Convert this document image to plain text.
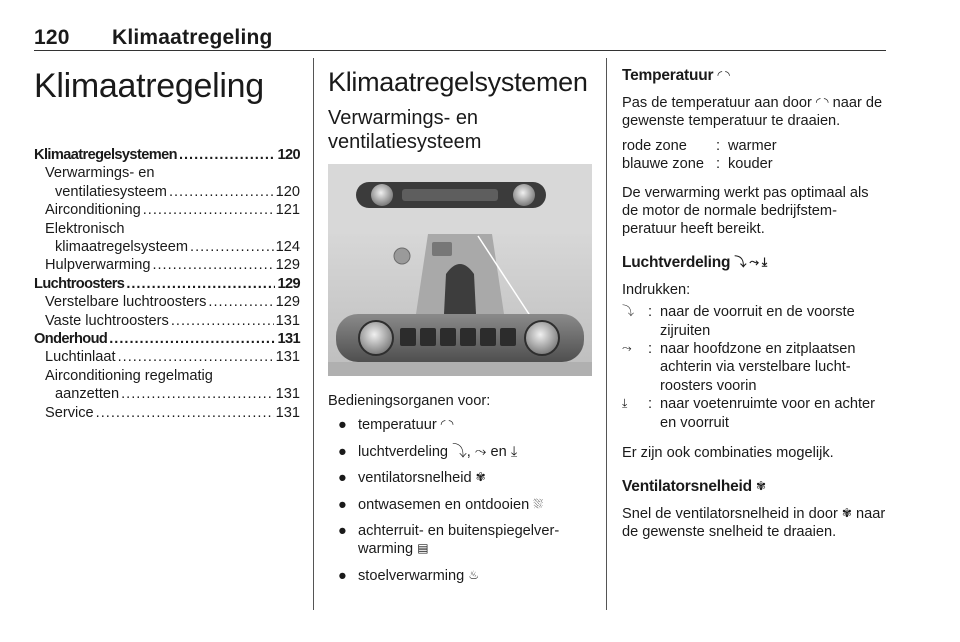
120 Klimaatregeling
Klimaatregeling
Klimaatregelsystemen .....	120
Verwarmings- en
ventilatiesysteem .....	120
Airconditioning .....	121
Elektronisch
klimaatregelsysteem .....	124
Hulpverwarming .....	129
Luchtroosters .....	129
Verstelbare luchtroosters .....	129
Vaste luchtroosters .....	131
Onderhoud .....	131
Luchtinlaat .....	131
Airconditioning regelmatig
aanzetten .....	131
Service .....	131
Klimaatregelsystemen
Verwarmings- en
ventilatiesysteem
Bedieningsorganen voor:
● temperatuur ◜ ◝
● luchtverdeling ⤵, ⤳ en ⤓
● ventilatorsnelheid ✾
● ontwasemen en ontdooien ⛆
● achterruit- en buitenspiegelver-warming ▤
● stoelverwarming ♨
Temperatuur ◜ ◝
Pas de temperatuur aan door ◜ ◝ naar de gewenste temperatuur te draaien.
rode zone	: warmer
blauwe zone : kouder
De verwarming werkt pas optimaal als de motor de normale bedrijfstem-peratuur heeft bereikt.
Luchtverdeling ⤵ ⤳ ⤓
Indrukken:
⤵ : naar de voorruit en de voorste zijruiten
⤳	: naar hoofdzone en zitplaatsen achterin via verstelbare lucht-roosters voorin
⤓	: naar voetenruimte voor en achter en voorruit
Er zijn ook combinaties mogelijk.
Ventilatorsnelheid ✾
Snel de ventilatorsnelheid in door ✾ naar de gewenste snelheid te draaien.
